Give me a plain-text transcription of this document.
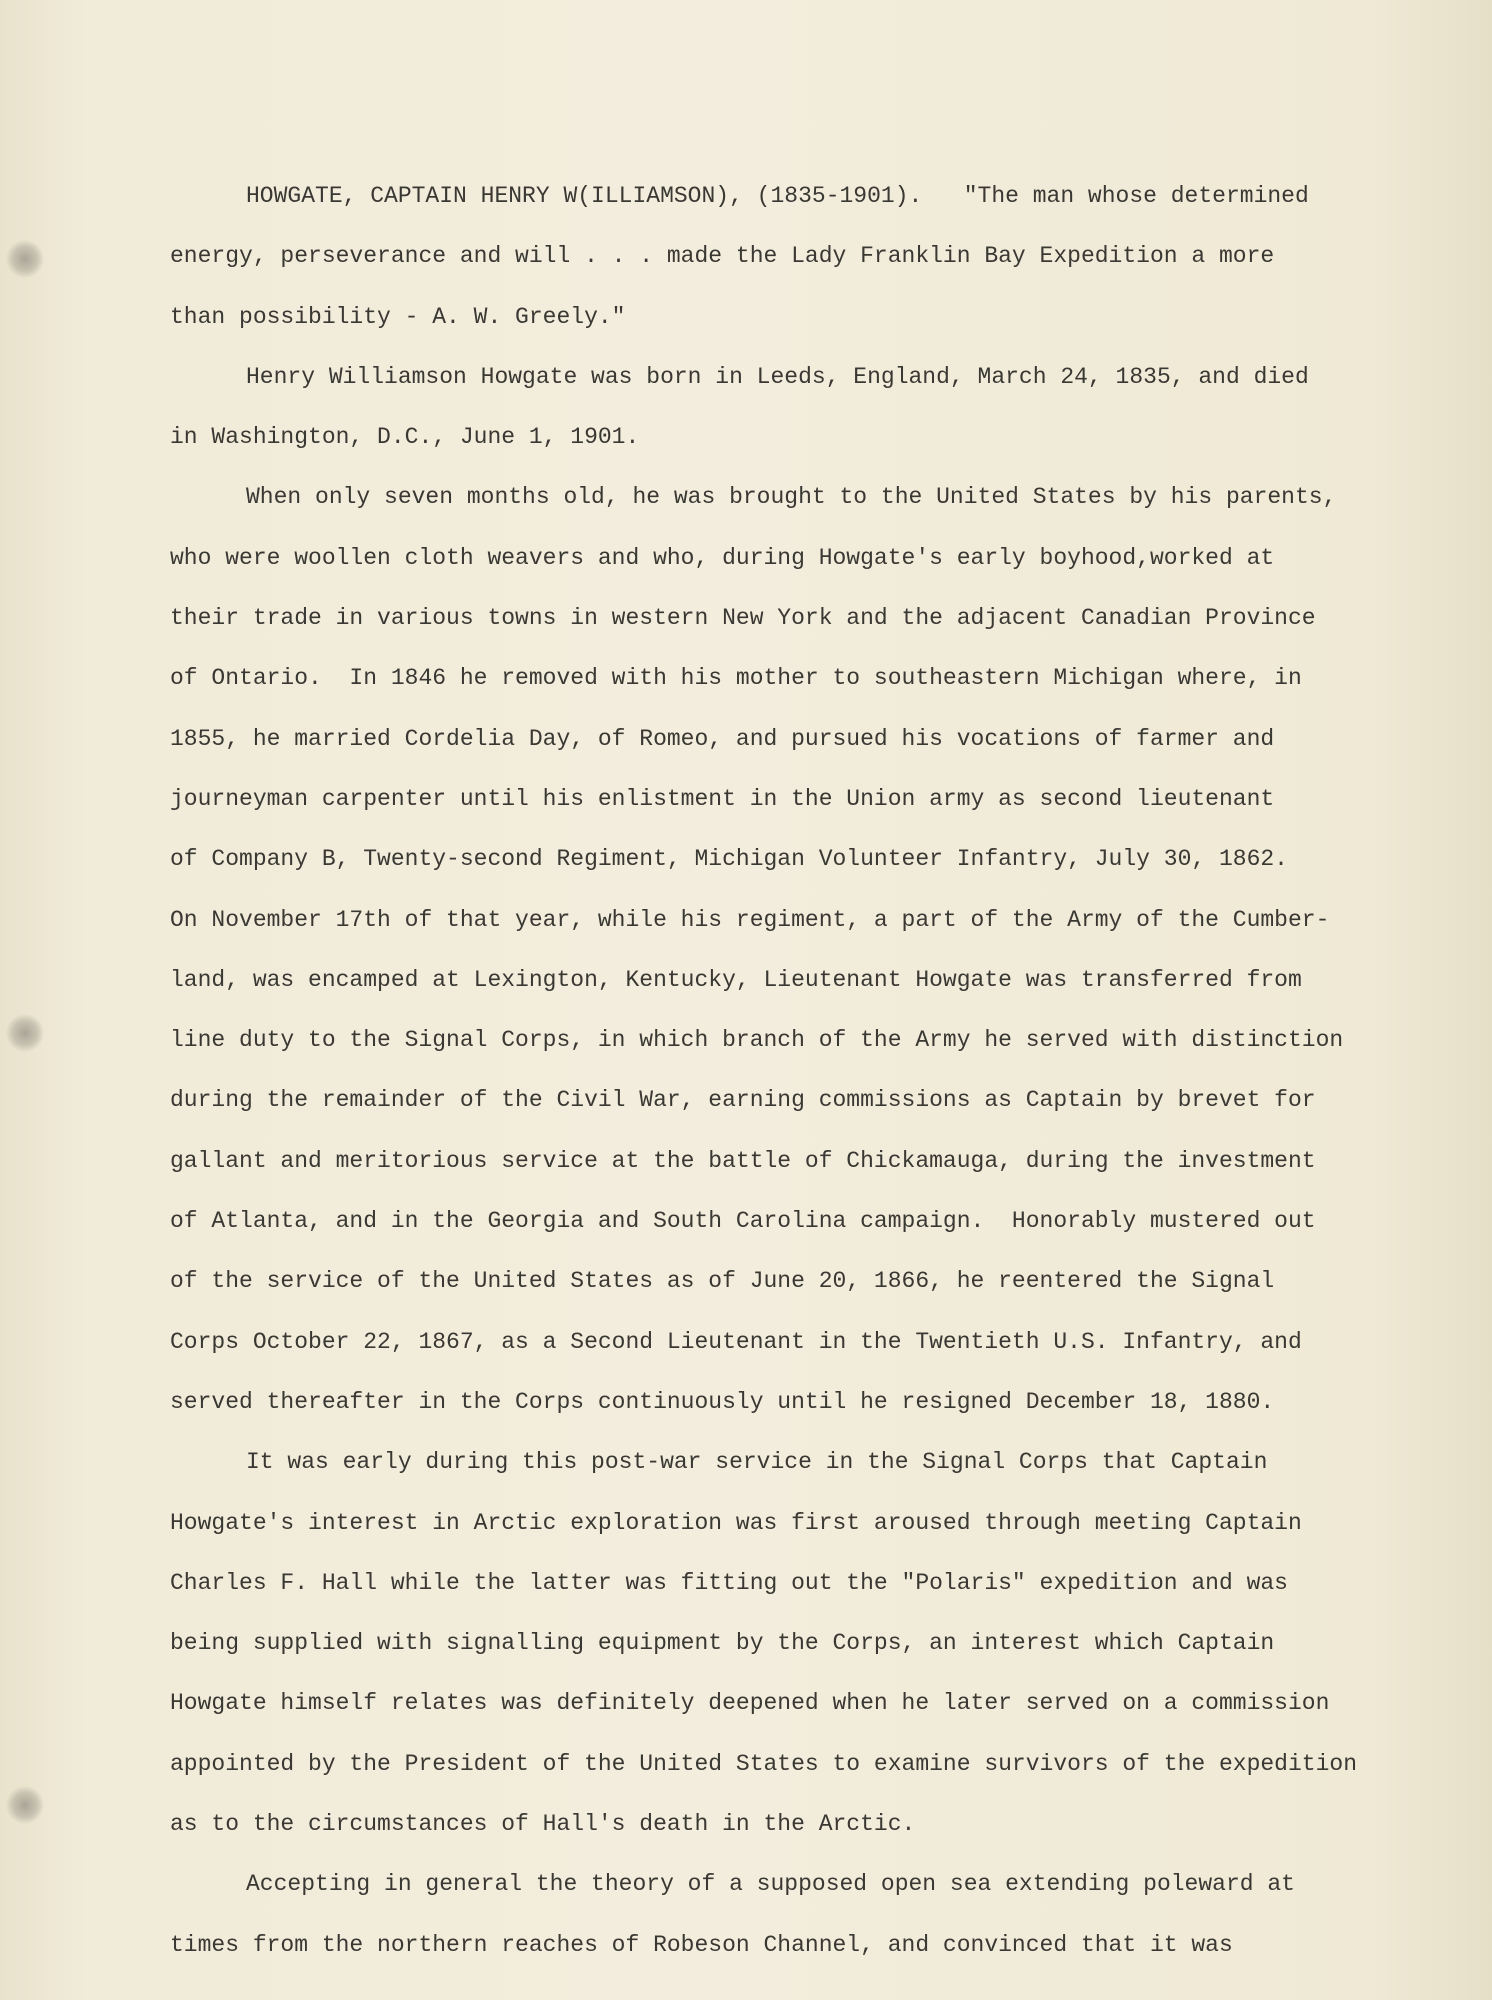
HOWGATE, CAPTAIN HENRY W(ILLIAMSON), (1835-1901).   "The man whose determined
energy, perseverance and will . . . made the Lady Franklin Bay Expedition a more
than possibility - A. W. Greely."
Henry Williamson Howgate was born in Leeds, England, March 24, 1835, and died
in Washington, D.C., June 1, 1901.
When only seven months old, he was brought to the United States by his parents,
who were woollen cloth weavers and who, during Howgate's early boyhood,worked at
their trade in various towns in western New York and the adjacent Canadian Province
of Ontario.  In 1846 he removed with his mother to southeastern Michigan where, in
1855, he married Cordelia Day, of Romeo, and pursued his vocations of farmer and
journeyman carpenter until his enlistment in the Union army as second lieutenant
of Company B, Twenty-second Regiment, Michigan Volunteer Infantry, July 30, 1862.
On November 17th of that year, while his regiment, a part of the Army of the Cumber-
land, was encamped at Lexington, Kentucky, Lieutenant Howgate was transferred from
line duty to the Signal Corps, in which branch of the Army he served with distinction
during the remainder of the Civil War, earning commissions as Captain by brevet for
gallant and meritorious service at the battle of Chickamauga, during the investment
of Atlanta, and in the Georgia and South Carolina campaign.  Honorably mustered out
of the service of the United States as of June 20, 1866, he reentered the Signal
Corps October 22, 1867, as a Second Lieutenant in the Twentieth U.S. Infantry, and
served thereafter in the Corps continuously until he resigned December 18, 1880.
It was early during this post-war service in the Signal Corps that Captain
Howgate's interest in Arctic exploration was first aroused through meeting Captain
Charles F. Hall while the latter was fitting out the "Polaris" expedition and was
being supplied with signalling equipment by the Corps, an interest which Captain
Howgate himself relates was definitely deepened when he later served on a commission
appointed by the President of the United States to examine survivors of the expedition
as to the circumstances of Hall's death in the Arctic.
Accepting in general the theory of a supposed open sea extending poleward at
times from the northern reaches of Robeson Channel, and convinced that it was
